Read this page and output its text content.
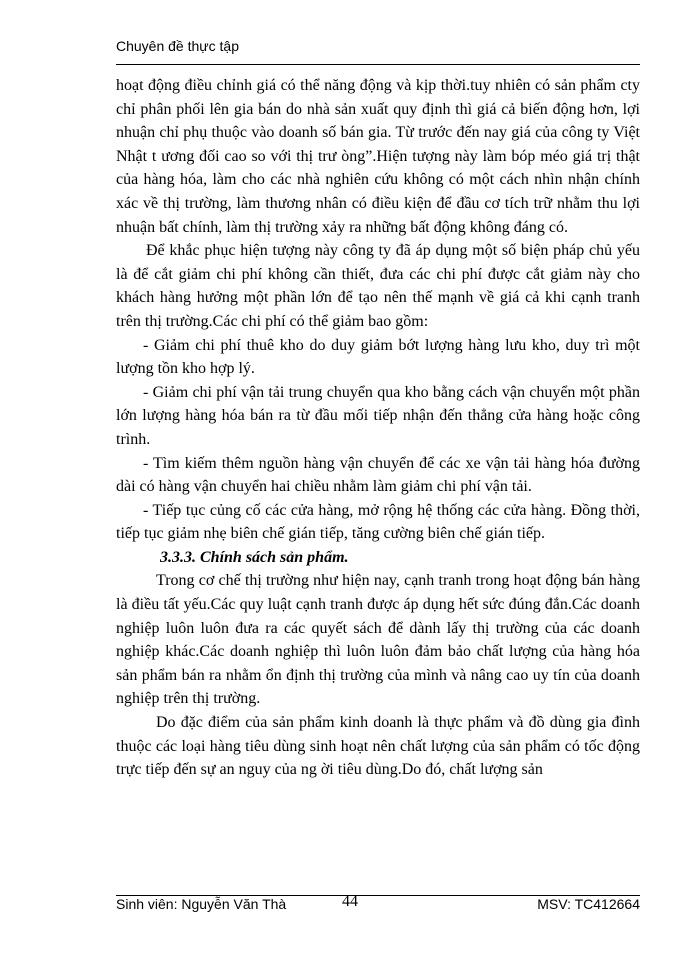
Chuyên đề thực tập

hoạt động điều chỉnh giá có thể năng động và kịp thời.tuy nhiên có sản phẩm cty chỉ phân phối lên gia bán do nhà sản xuất quy định thì giá cả biến động hơn, lợi nhuận chỉ phụ thuộc vào doanh số bán gia. Từ trước đến nay giá của công ty Việt Nhật t ương đối cao so với thị trư òng”.Hiện tượng này làm bóp méo giá trị thật của hàng hóa, làm cho các nhà nghiên cứu không có một cách nhìn nhận chính xác về thị trường, làm thương nhân có điều kiện để đầu cơ tích trữ nhằm thu lợi nhuận bất chính, làm thị trường xảy ra những bất động không đáng có.

Để khắc phục hiện tượng này công ty đã áp dụng một số biện pháp chủ yếu là để cắt giảm chi phí không cần thiết, đưa các chi phí được cắt giảm này cho khách hàng hưởng một phần lớn để tạo nên thế mạnh về giá cả khi cạnh tranh trên thị trường.Các chi phí có thể giảm bao gồm:

- Giảm chi phí thuê kho do duy giảm bớt lượng hàng lưu kho, duy trì một lượng tồn kho hợp lý.

- Giảm chi phí vận tải trung chuyển qua kho bằng cách vận chuyển một phần lớn lượng hàng hóa bán ra từ đầu mối tiếp nhận đến thẳng cửa hàng hoặc công trình.

- Tìm kiếm thêm nguồn hàng vận chuyển để các xe vận tải hàng hóa đường dài có hàng vận chuyển hai chiều nhằm làm giảm chi phí vận tải.

- Tiếp tục củng cố các cửa hàng, mở rộng hệ thống các cửa hàng. Đồng thời, tiếp tục giảm nhẹ biên chế gián tiếp, tăng cường biên chế gián tiếp.

3.3.3. Chính sách sản phẩm.

Trong cơ chế thị trường như hiện nay, cạnh tranh trong hoạt động bán hàng là điều tất yếu.Các quy luật cạnh tranh được áp dụng hết sức đúng đắn.Các doanh nghiệp luôn luôn đưa ra các quyết sách để dành lấy thị trường của các doanh nghiệp khác.Các doanh nghiệp thì luôn luôn đảm bảo chất lượng của hàng hóa sản phẩm bán ra nhằm ổn định thị trường của mình và nâng cao uy tín của doanh nghiệp trên thị trường.

Do đặc điểm của sản phẩm kinh doanh là thực phẩm và đồ dùng gia đình thuộc các loại hàng tiêu dùng sinh hoạt nên chất lượng của sản phẩm có tốc động trực tiếp đến sự an nguy của ng ời tiêu dùng.Do đó, chất lượng sản

Sinh viên: Nguyễn Văn Thà	44	MSV: TC412664
